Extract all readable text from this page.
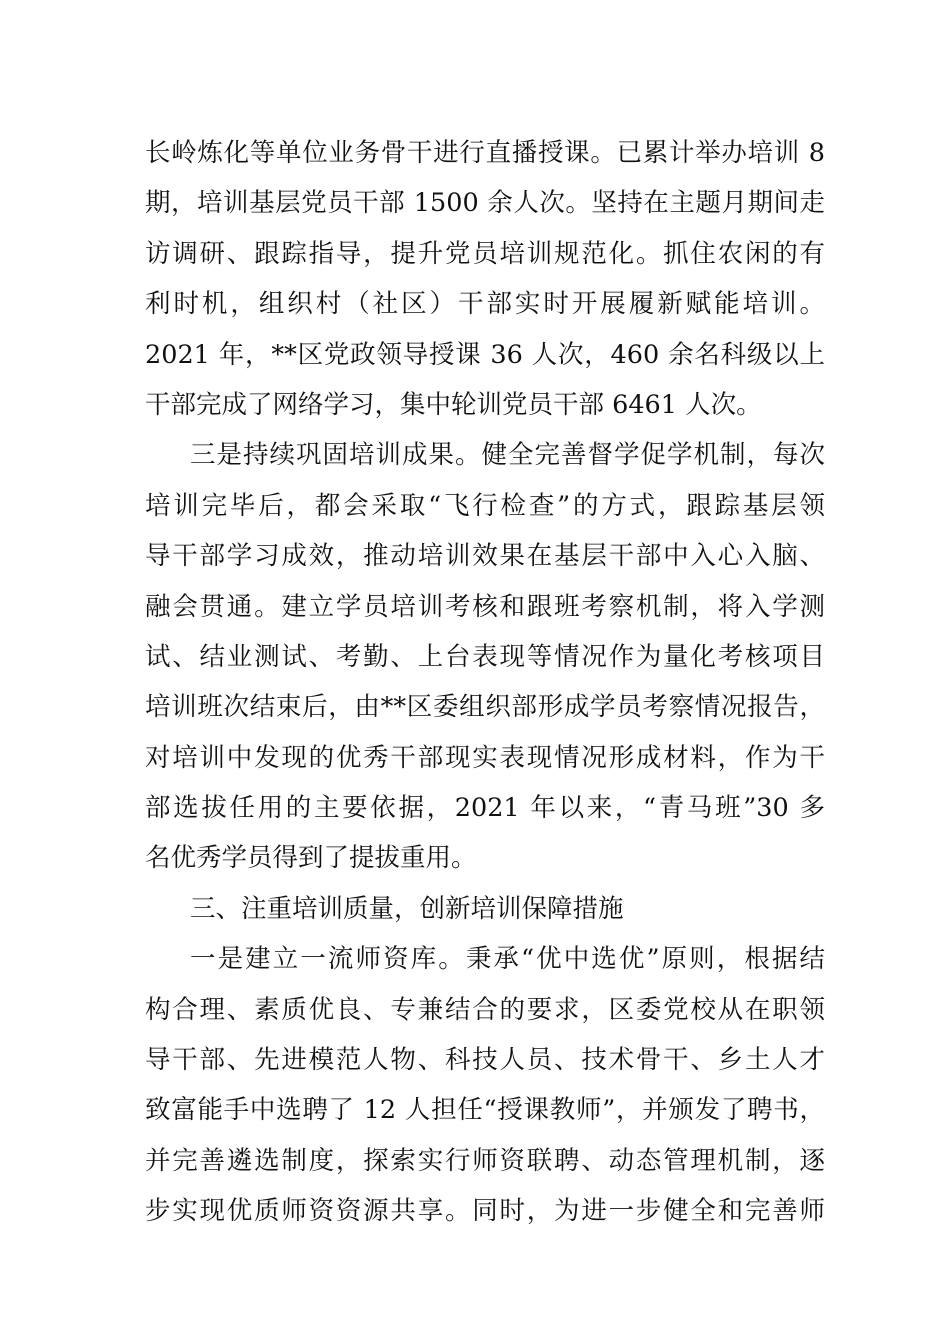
长岭炼化等单位业务骨干进行直播授课。已累计举办培训 8
期，培训基层党员干部 1500 余人次。坚持在主题月期间走
访调研、跟踪指导，提升党员培训规范化。抓住农闲的有
利时机，组织村（社区）干部实时开展履新赋能培训。
2021 年，**区党政领导授课 36 人次，460 余名科级以上
干部完成了网络学习，集中轮训党员干部 6461 人次。
三是持续巩固培训成果。健全完善督学促学机制，每次
培训完毕后，都会采取“飞行检查”的方式，跟踪基层领
导干部学习成效，推动培训效果在基层干部中入心入脑、
融会贯通。建立学员培训考核和跟班考察机制，将入学测
试、结业测试、考勤、上台表现等情况作为量化考核项目
培训班次结束后，由**区委组织部形成学员考察情况报告，
对培训中发现的优秀干部现实表现情况形成材料，作为干
部选拔任用的主要依据，2021 年以来，“青马班”30 多
名优秀学员得到了提拔重用。
三、注重培训质量，创新培训保障措施
一是建立一流师资库。秉承“优中选优”原则，根据结
构合理、素质优良、专兼结合的要求，区委党校从在职领
导干部、先进模范人物、科技人员、技术骨干、乡土人才
致富能手中选聘了 12 人担任“授课教师”，并颁发了聘书，
并完善遴选制度，探索实行师资联聘、动态管理机制，逐
步实现优质师资资源共享。同时，为进一步健全和完善师
